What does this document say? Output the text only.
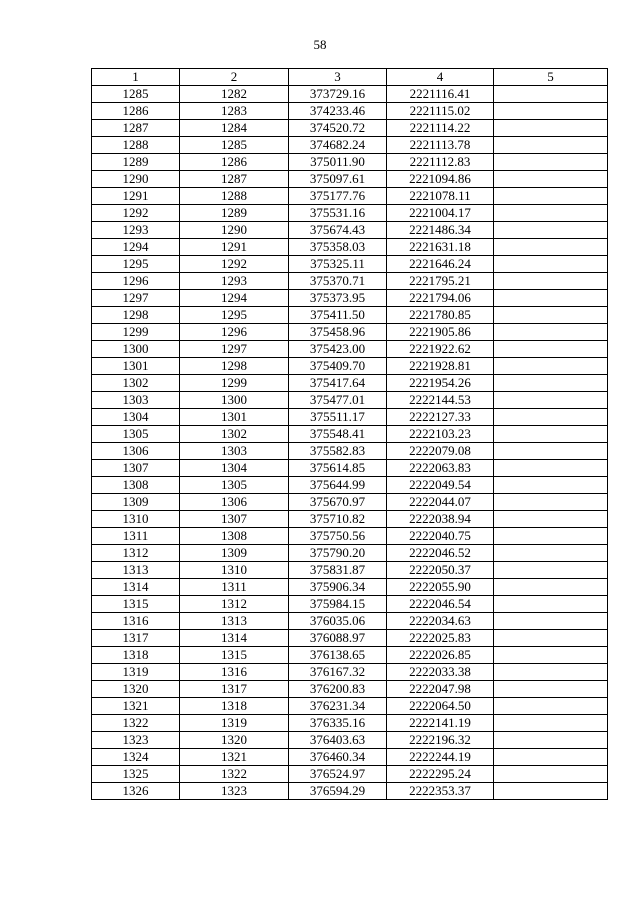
58
1	2	3	4	5
1285	1282	373729.16	2221116.41	
1286	1283	374233.46	2221115.02	
1287	1284	374520.72	2221114.22	
1288	1285	374682.24	2221113.78	
1289	1286	375011.90	2221112.83	
1290	1287	375097.61	2221094.86	
1291	1288	375177.76	2221078.11	
1292	1289	375531.16	2221004.17	
1293	1290	375674.43	2221486.34	
1294	1291	375358.03	2221631.18	
1295	1292	375325.11	2221646.24	
1296	1293	375370.71	2221795.21	
1297	1294	375373.95	2221794.06	
1298	1295	375411.50	2221780.85	
1299	1296	375458.96	2221905.86	
1300	1297	375423.00	2221922.62	
1301	1298	375409.70	2221928.81	
1302	1299	375417.64	2221954.26	
1303	1300	375477.01	2222144.53	
1304	1301	375511.17	2222127.33	
1305	1302	375548.41	2222103.23	
1306	1303	375582.83	2222079.08	
1307	1304	375614.85	2222063.83	
1308	1305	375644.99	2222049.54	
1309	1306	375670.97	2222044.07	
1310	1307	375710.82	2222038.94	
1311	1308	375750.56	2222040.75	
1312	1309	375790.20	2222046.52	
1313	1310	375831.87	2222050.37	
1314	1311	375906.34	2222055.90	
1315	1312	375984.15	2222046.54	
1316	1313	376035.06	2222034.63	
1317	1314	376088.97	2222025.83	
1318	1315	376138.65	2222026.85	
1319	1316	376167.32	2222033.38	
1320	1317	376200.83	2222047.98	
1321	1318	376231.34	2222064.50	
1322	1319	376335.16	2222141.19	
1323	1320	376403.63	2222196.32	
1324	1321	376460.34	2222244.19	
1325	1322	376524.97	2222295.24	
1326	1323	376594.29	2222353.37	
